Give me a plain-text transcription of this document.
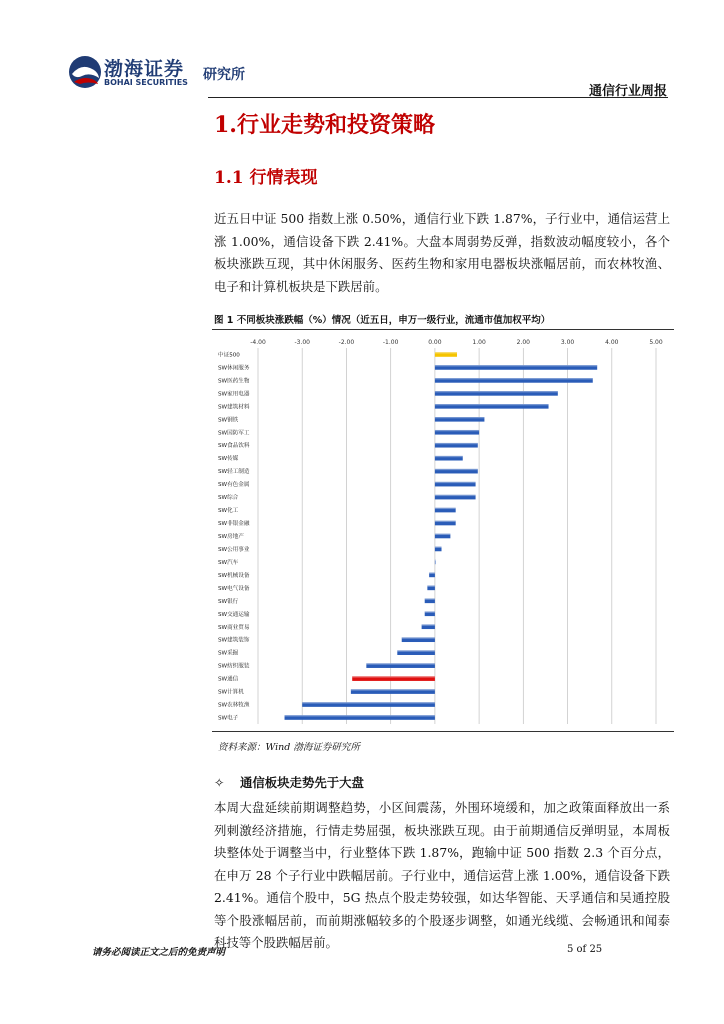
渤海证券
BOHAI SECURITIES 研究所
通信行业周报
1.行业走势和投资策略
1.1 行情表现
近五日中证 500 指数上涨 0.50%，通信行业下跌 1.87%，子行业中，通信运营上涨 1.00%，通信设备下跌 2.41%。大盘本周弱势反弹，指数波动幅度较小，各个板块涨跌互现，其中休闲服务、医药生物和家用电器板块涨幅居前，而农林牧渔、电子和计算机板块是下跌居前。
图 1 不同板块涨跌幅（%）情况（近五日，申万一级行业，流通市值加权平均）
-4.00	-3.00	-2.00	-1.00	0.00	1.00	2.00	3.00	4.00	5.00
中证500
SW休闲服务
SW医药生物
SW家用电器
SW建筑材料
SW钢铁
SW国防军工
SW食品饮料
SW传媒
SW轻工制造
SW有色金属
SW综合
SW化工
SW非银金融
SW房地产
SW公用事业
SW汽车
SW机械设备
SW电气设备
SW银行
SW交通运输
SW商业贸易
SW建筑装饰
SW采掘
SW纺织服装
SW通信
SW计算机
SW农林牧渔
SW电子
资料来源：Wind 渤海证券研究所
✧ 通信板块走势先于大盘
本周大盘延续前期调整趋势，小区间震荡，外围环境缓和，加之政策面释放出一系列刺激经济措施，行情走势屈强，板块涨跌互现。由于前期通信反弹明显，本周板块整体处于调整当中，行业整体下跌 1.87%，跑输中证 500 指数 2.3 个百分点，在申万 28 个子行业中跌幅居前。子行业中，通信运营上涨 1.00%，通信设备下跌 2.41%。通信个股中，5G 热点个股走势较强，如达华智能、天孚通信和吴通控股等个股涨幅居前，而前期涨幅较多的个股逐步调整，如通光线缆、会畅通讯和闻泰科技等个股跌幅居前。
请务必阅读正文之后的免责声明	5 of 25
